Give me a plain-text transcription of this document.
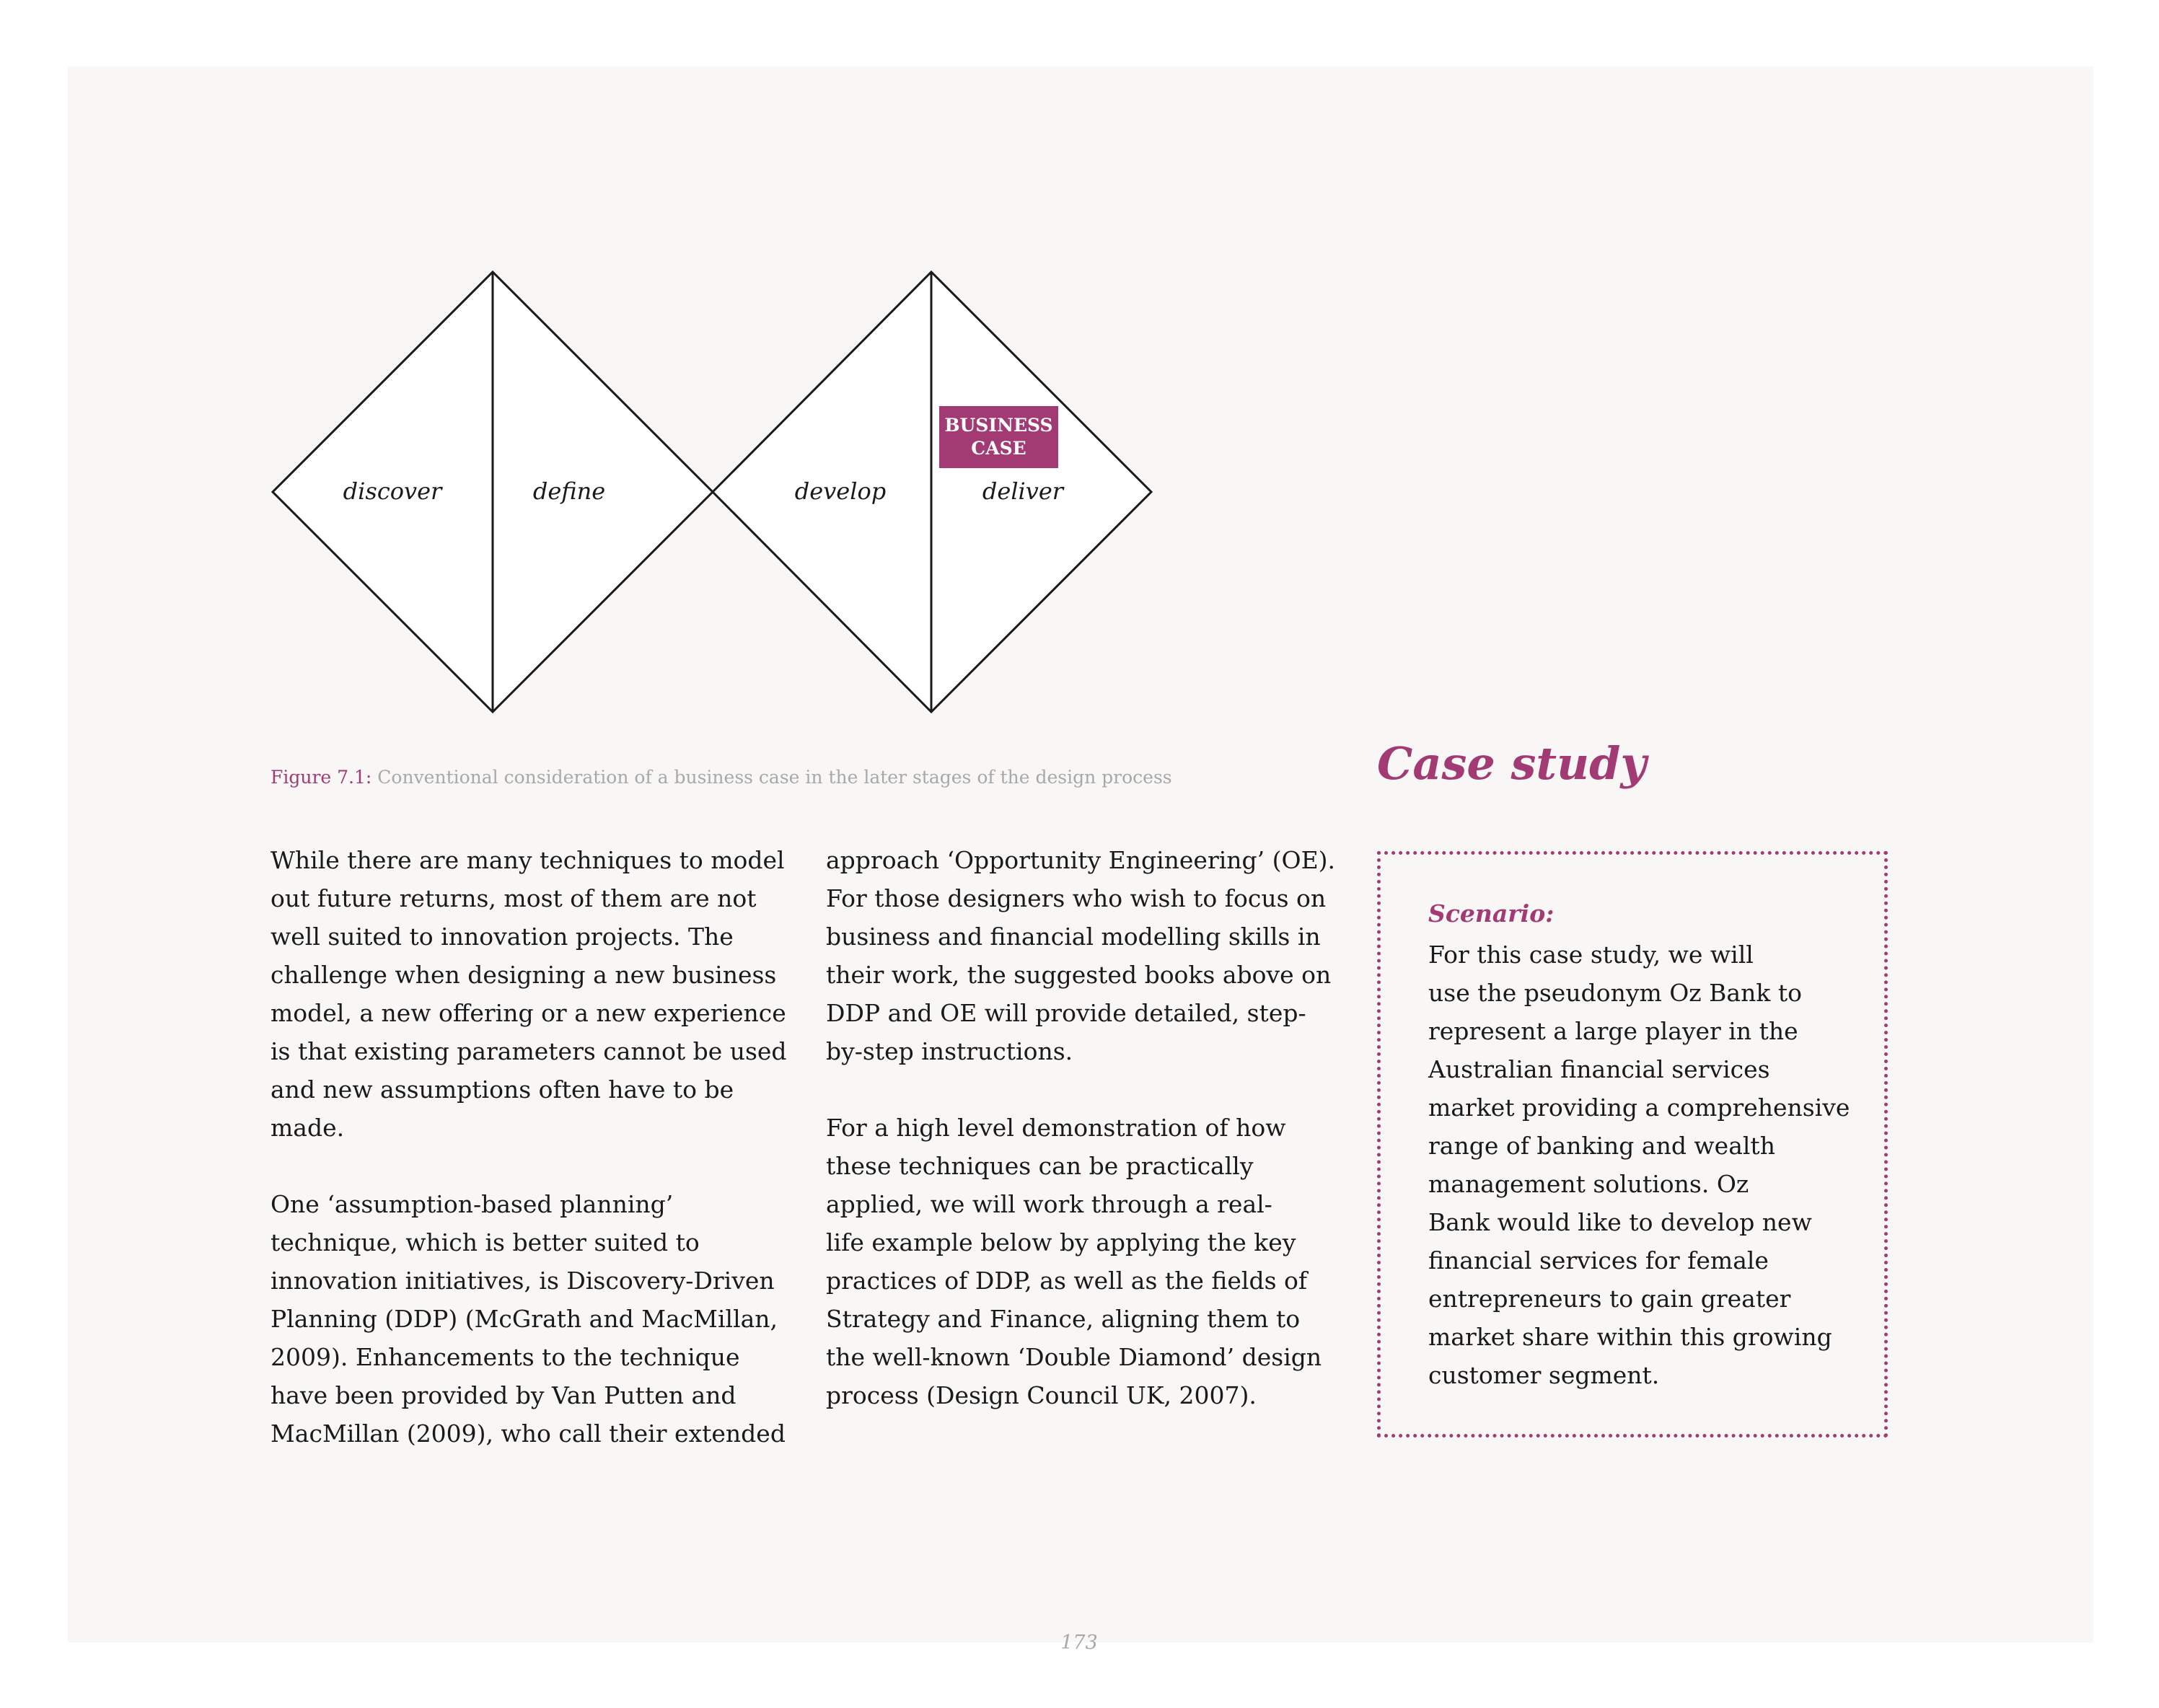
discover	define	develop	deliver
BUSINESS
CASE
Figure 7.1: Conventional consideration of a business case in the later stages of the design process

While there are many techniques to model
out future returns, most of them are not
well suited to innovation projects. The
challenge when designing a new business
model, a new offering or a new experience
is that existing parameters cannot be used
and new assumptions often have to be
made.

One ‘assumption-based planning’
technique, which is better suited to
innovation initiatives, is Discovery-Driven
Planning (DDP) (McGrath and MacMillan,
2009). Enhancements to the technique
have been provided by Van Putten and
MacMillan (2009), who call their extended

approach ‘Opportunity Engineering’ (OE).
For those designers who wish to focus on
business and financial modelling skills in
their work, the suggested books above on
DDP and OE will provide detailed, step-
by-step instructions.

For a high level demonstration of how
these techniques can be practically
applied, we will work through a real-
life example below by applying the key
practices of DDP, as well as the fields of
Strategy and Finance, aligning them to
the well-known ‘Double Diamond’ design
process (Design Council UK, 2007).

Case study
Scenario:
For this case study, we will
use the pseudonym Oz Bank to
represent a large player in the
Australian financial services
market providing a comprehensive
range of banking and wealth
management solutions. Oz
Bank would like to develop new
financial services for female
entrepreneurs to gain greater
market share within this growing
customer segment.
173
